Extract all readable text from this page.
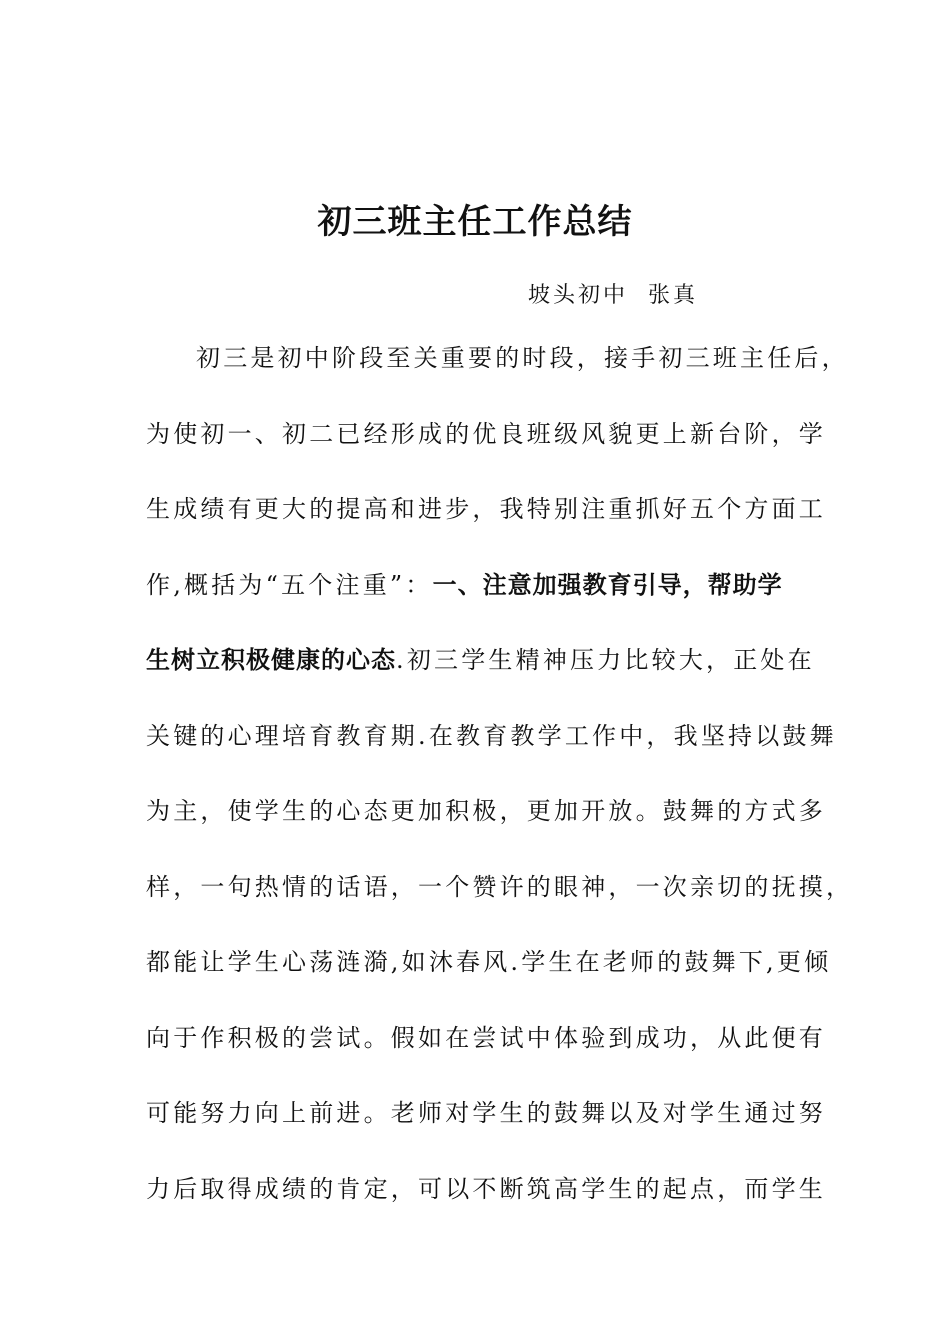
初三班主任工作总结
坡头初中  张真
初三是初中阶段至关重要的时段，接手初三班主任后，
为使初一、初二已经形成的优良班级风貌更上新台阶，学
生成绩有更大的提高和进步，我特别注重抓好五个方面工
作,概括为“五个注重”：一、注意加强教育引导，帮助学
生树立积极健康的心态.初三学生精神压力比较大，正处在
关键的心理培育教育期.在教育教学工作中，我坚持以鼓舞
为主，使学生的心态更加积极，更加开放。鼓舞的方式多
样，一句热情的话语，一个赞许的眼神，一次亲切的抚摸，
都能让学生心荡涟漪,如沐春风.学生在老师的鼓舞下,更倾
向于作积极的尝试。假如在尝试中体验到成功，从此便有
可能努力向上前进。老师对学生的鼓舞以及对学生通过努
力后取得成绩的肯定，可以不断筑高学生的起点，而学生
